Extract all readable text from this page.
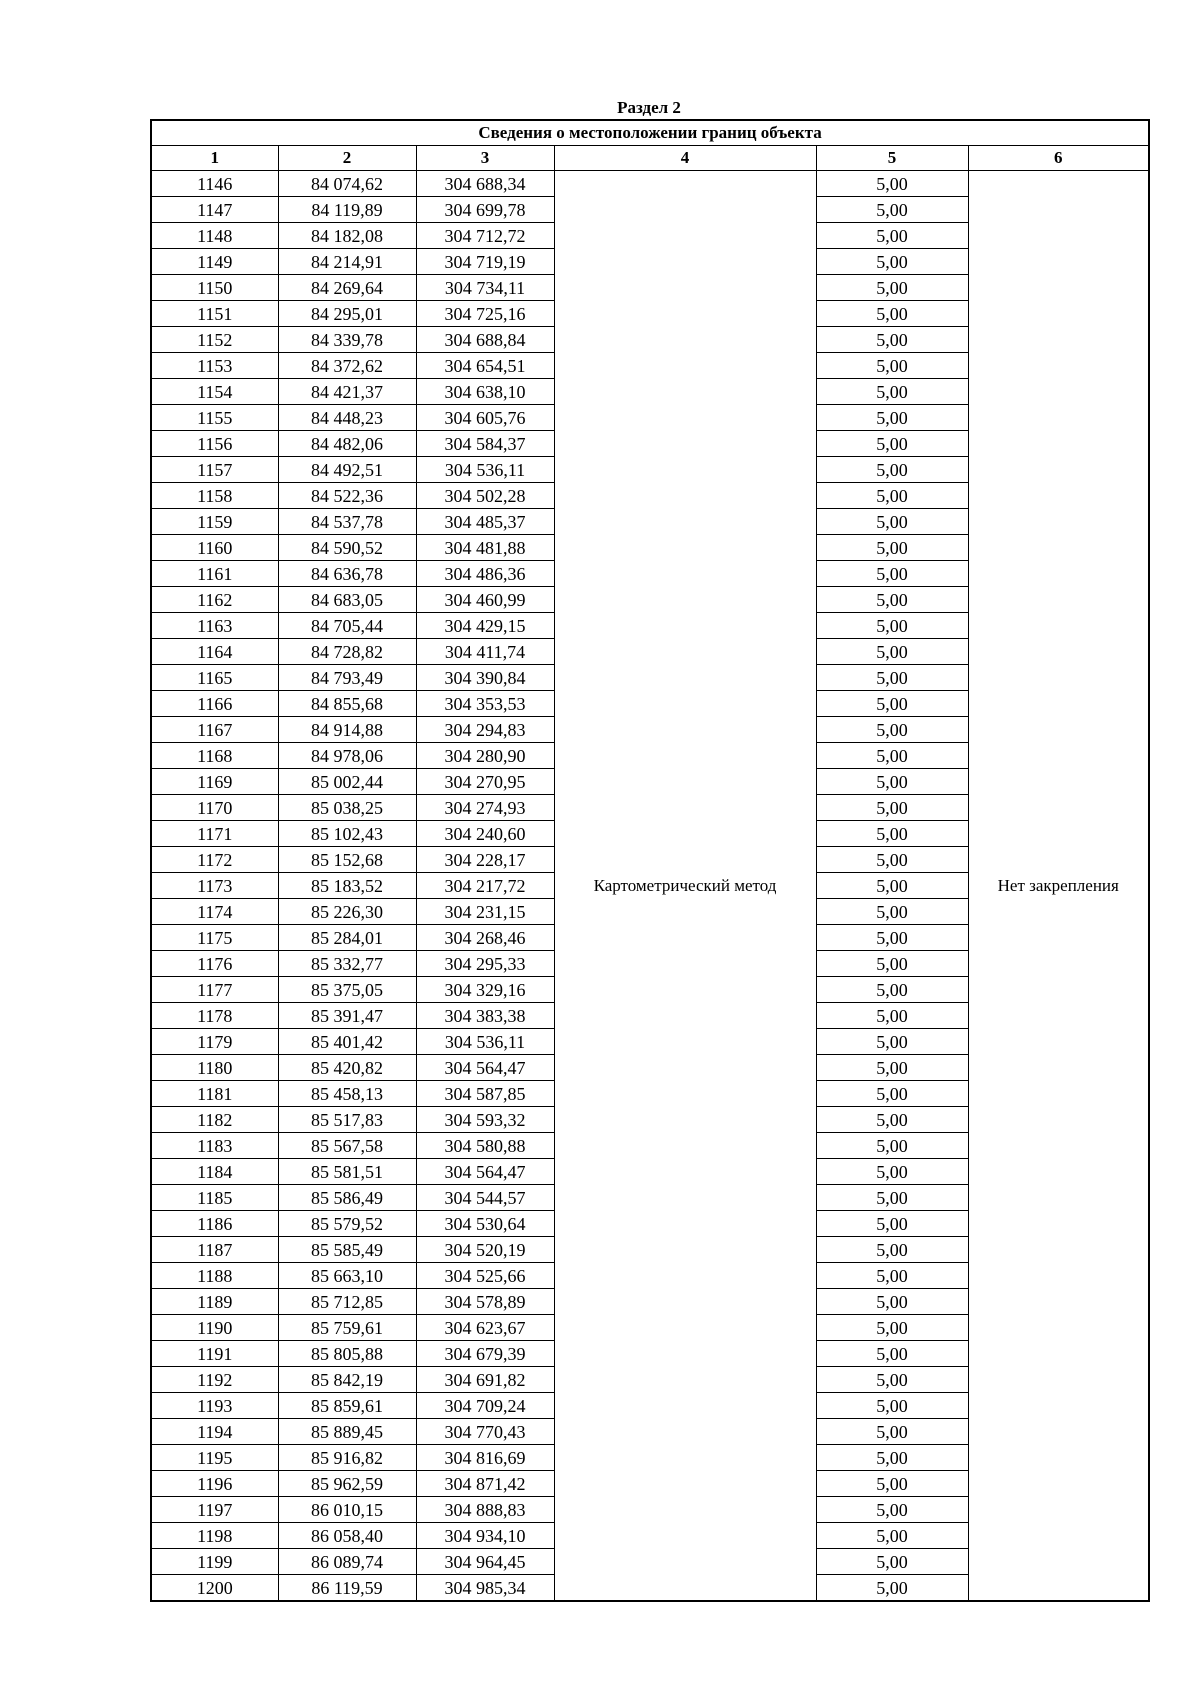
Раздел 2
Сведения о местоположении границ объекта					
1	2	3	4	5	6
1146	84 074,62	304 688,34	Картометрический метод	5,00	Нет закрепления
1147	84 119,89	304 699,78		5,00	
1148	84 182,08	304 712,72		5,00	
1149	84 214,91	304 719,19		5,00	
1150	84 269,64	304 734,11		5,00	
1151	84 295,01	304 725,16		5,00	
1152	84 339,78	304 688,84		5,00	
1153	84 372,62	304 654,51		5,00	
1154	84 421,37	304 638,10		5,00	
1155	84 448,23	304 605,76		5,00	
1156	84 482,06	304 584,37		5,00	
1157	84 492,51	304 536,11		5,00	
1158	84 522,36	304 502,28		5,00	
1159	84 537,78	304 485,37		5,00	
1160	84 590,52	304 481,88		5,00	
1161	84 636,78	304 486,36		5,00	
1162	84 683,05	304 460,99		5,00	
1163	84 705,44	304 429,15		5,00	
1164	84 728,82	304 411,74		5,00	
1165	84 793,49	304 390,84		5,00	
1166	84 855,68	304 353,53		5,00	
1167	84 914,88	304 294,83		5,00	
1168	84 978,06	304 280,90		5,00	
1169	85 002,44	304 270,95		5,00	
1170	85 038,25	304 274,93		5,00	
1171	85 102,43	304 240,60		5,00	
1172	85 152,68	304 228,17		5,00	
1173	85 183,52	304 217,72		5,00	
1174	85 226,30	304 231,15		5,00	
1175	85 284,01	304 268,46		5,00	
1176	85 332,77	304 295,33		5,00	
1177	85 375,05	304 329,16		5,00	
1178	85 391,47	304 383,38		5,00	
1179	85 401,42	304 536,11		5,00	
1180	85 420,82	304 564,47		5,00	
1181	85 458,13	304 587,85		5,00	
1182	85 517,83	304 593,32		5,00	
1183	85 567,58	304 580,88		5,00	
1184	85 581,51	304 564,47		5,00	
1185	85 586,49	304 544,57		5,00	
1186	85 579,52	304 530,64		5,00	
1187	85 585,49	304 520,19		5,00	
1188	85 663,10	304 525,66		5,00	
1189	85 712,85	304 578,89		5,00	
1190	85 759,61	304 623,67		5,00	
1191	85 805,88	304 679,39		5,00	
1192	85 842,19	304 691,82		5,00	
1193	85 859,61	304 709,24		5,00	
1194	85 889,45	304 770,43		5,00	
1195	85 916,82	304 816,69		5,00	
1196	85 962,59	304 871,42		5,00	
1197	86 010,15	304 888,83		5,00	
1198	86 058,40	304 934,10		5,00	
1199	86 089,74	304 964,45		5,00	
1200	86 119,59	304 985,34		5,00	
